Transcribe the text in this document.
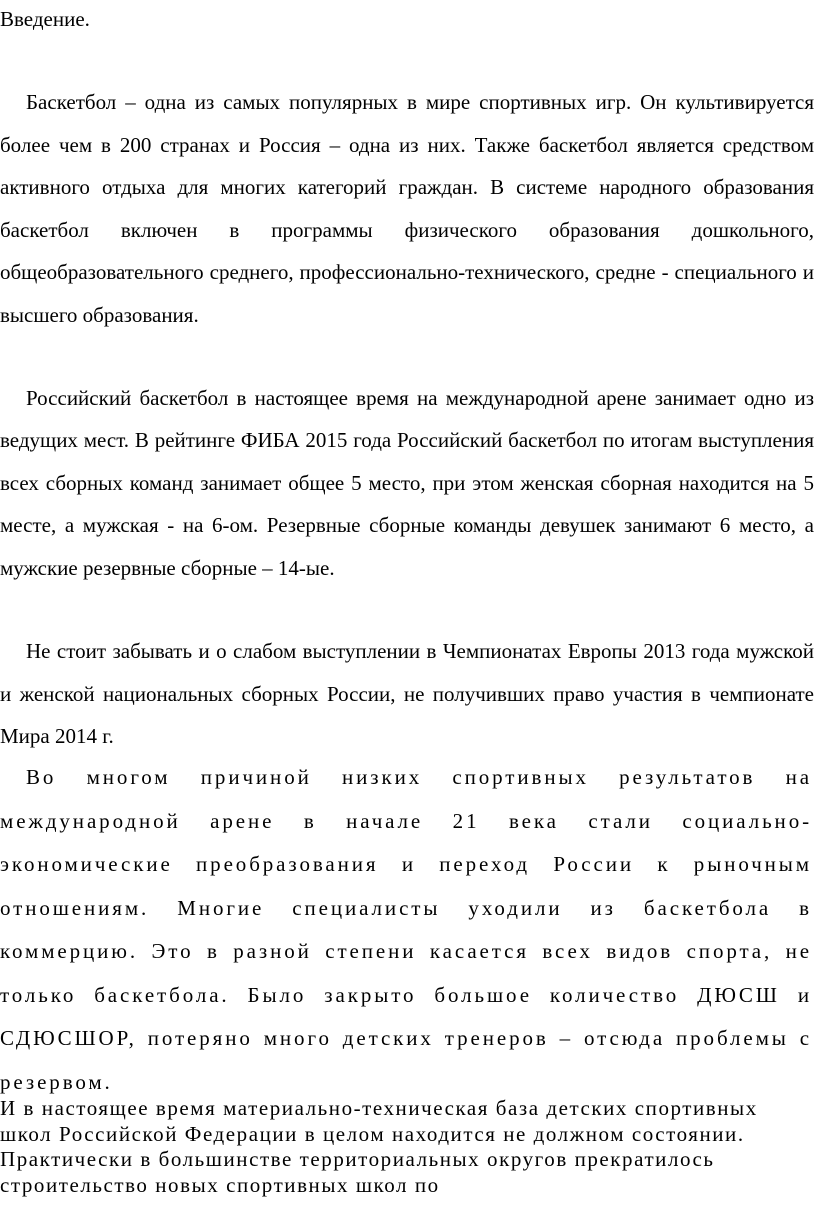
Введение.

Баскетбол – одна из самых популярных в мире спортивных игр. Он культивируется более чем в 200 странах и Россия – одна из них. Также баскетбол является средством активного отдыха для многих категорий граждан. В системе народного образования баскетбол включен в программы физического образования дошкольного, общеобразовательного среднего, профессионально-технического, средне - специального и высшего образования.

Российский баскетбол в настоящее время на международной арене занимает одно из ведущих мест. В рейтинге ФИБА 2015 года Российский баскетбол по итогам выступления всех сборных команд занимает общее 5 место, при этом женская сборная находится на 5 месте, а мужская - на 6-ом. Резервные сборные команды девушек занимают 6 место, а мужские резервные сборные – 14-ые.

Не стоит забывать и о слабом выступлении в Чемпионатах Европы 2013 года мужской и женской национальных сборных России, не получивших право участия в чемпионате Мира 2014 г.

Во многом причиной низких спортивных результатов на международной арене в начале 21 века стали социально-экономические преобразования и переход России к рыночным отношениям. Многие специалисты уходили из баскетбола в коммерцию. Это в разной степени касается всех видов спорта, не только баскетбола. Было закрыто большое количество ДЮСШ и СДЮСШОР, потеряно много детских тренеров – отсюда проблемы с резервом.

И в настоящее время материально-техническая база детских спортивных школ Российской Федерации в целом находится не должном состоянии. Практически в большинстве территориальных округов прекратилось строительство новых спортивных школ по
